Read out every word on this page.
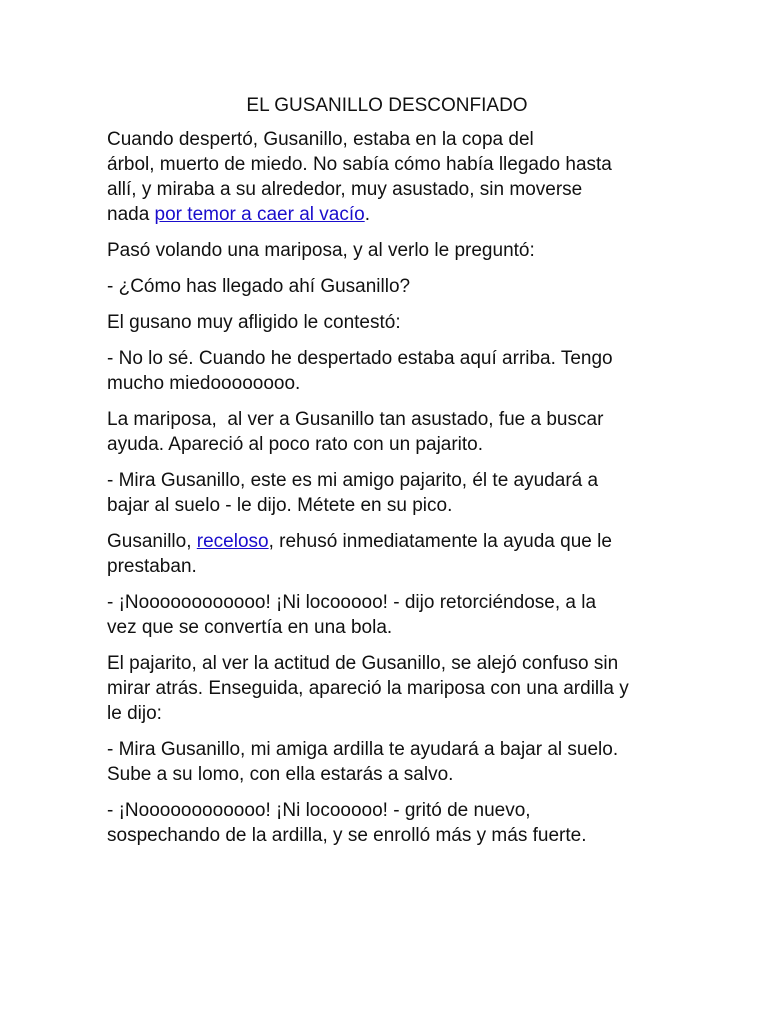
EL GUSANILLO DESCONFIADO
Cuando despertó, Gusanillo, estaba en la copa del
árbol, muerto de miedo. No sabía cómo había llegado hasta
allí, y miraba a su alrededor, muy asustado, sin moverse
nada por temor a caer al vacío.
Pasó volando una mariposa, y al verlo le preguntó:
- ¿Cómo has llegado ahí Gusanillo?
El gusano muy afligido le contestó:
- No lo sé. Cuando he despertado estaba aquí arriba. Tengo
mucho miedoooooooo.
La mariposa,  al ver a Gusanillo tan asustado, fue a buscar
ayuda. Apareció al poco rato con un pajarito.
- Mira Gusanillo, este es mi amigo pajarito, él te ayudará a
bajar al suelo - le dijo. Métete en su pico.
Gusanillo, receloso, rehusó inmediatamente la ayuda que le
prestaban.
- ¡Noooooooooooo! ¡Ni locooooo! - dijo retorciéndose, a la
vez que se convertía en una bola.
El pajarito, al ver la actitud de Gusanillo, se alejó confuso sin
mirar atrás. Enseguida, apareció la mariposa con una ardilla y
le dijo:
- Mira Gusanillo, mi amiga ardilla te ayudará a bajar al suelo.
Sube a su lomo, con ella estarás a salvo.
- ¡Noooooooooooo! ¡Ni locooooo! - gritó de nuevo,
sospechando de la ardilla, y se enrolló más y más fuerte.
